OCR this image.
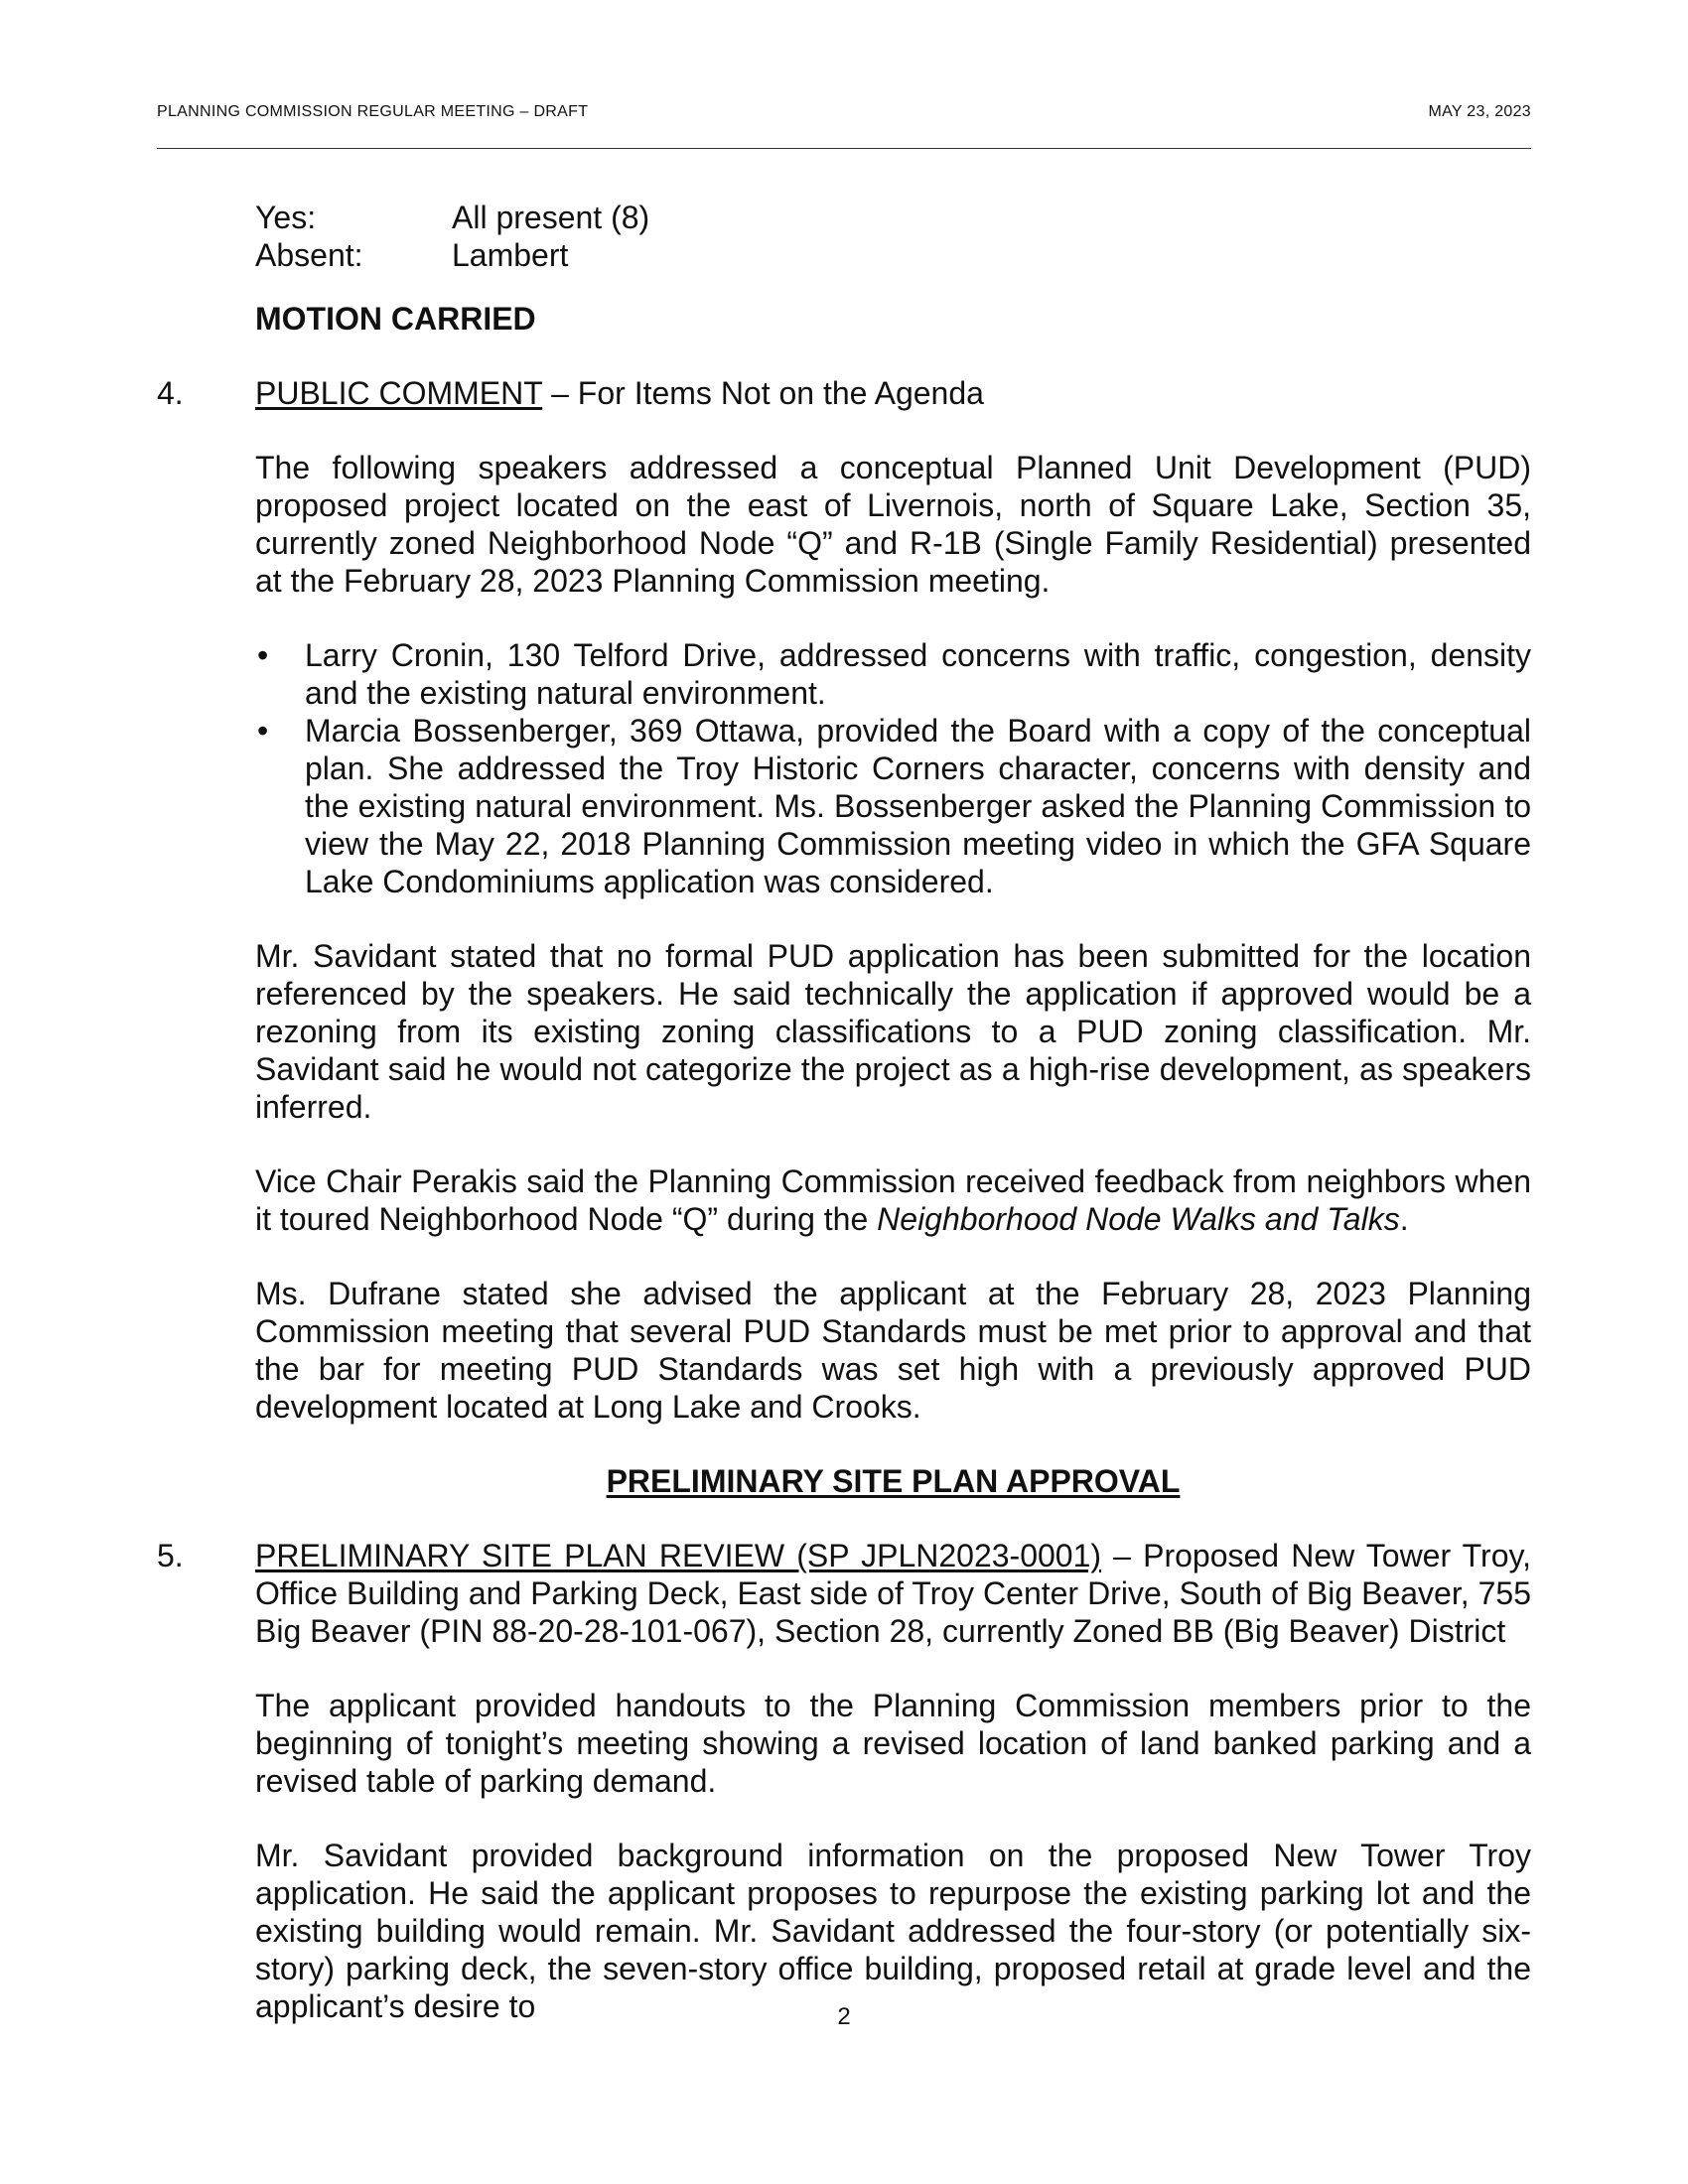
PLANNING COMMISSION REGULAR MEETING – DRAFT	MAY 23, 2023
Yes:	All present (8)
Absent:	Lambert
MOTION CARRIED
4. PUBLIC COMMENT – For Items Not on the Agenda

The following speakers addressed a conceptual Planned Unit Development (PUD) proposed project located on the east of Livernois, north of Square Lake, Section 35, currently zoned Neighborhood Node “Q” and R-1B (Single Family Residential) presented at the February 28, 2023 Planning Commission meeting.

• Larry Cronin, 130 Telford Drive, addressed concerns with traffic, congestion, density and the existing natural environment.
• Marcia Bossenberger, 369 Ottawa, provided the Board with a copy of the conceptual plan. She addressed the Troy Historic Corners character, concerns with density and the existing natural environment. Ms. Bossenberger asked the Planning Commission to view the May 22, 2018 Planning Commission meeting video in which the GFA Square Lake Condominiums application was considered.

Mr. Savidant stated that no formal PUD application has been submitted for the location referenced by the speakers. He said technically the application if approved would be a rezoning from its existing zoning classifications to a PUD zoning classification. Mr. Savidant said he would not categorize the project as a high-rise development, as speakers inferred.

Vice Chair Perakis said the Planning Commission received feedback from neighbors when it toured Neighborhood Node “Q” during the Neighborhood Node Walks and Talks.

Ms. Dufrane stated she advised the applicant at the February 28, 2023 Planning Commission meeting that several PUD Standards must be met prior to approval and that the bar for meeting PUD Standards was set high with a previously approved PUD development located at Long Lake and Crooks.

PRELIMINARY SITE PLAN APPROVAL
5. PRELIMINARY SITE PLAN REVIEW (SP JPLN2023-0001) – Proposed New Tower Troy, Office Building and Parking Deck, East side of Troy Center Drive, South of Big Beaver, 755 Big Beaver (PIN 88-20-28-101-067), Section 28, currently Zoned BB (Big Beaver) District

The applicant provided handouts to the Planning Commission members prior to the beginning of tonight’s meeting showing a revised location of land banked parking and a revised table of parking demand.

Mr. Savidant provided background information on the proposed New Tower Troy application. He said the applicant proposes to repurpose the existing parking lot and the existing building would remain. Mr. Savidant addressed the four-story (or potentially six-story) parking deck, the seven-story office building, proposed retail at grade level and the applicant’s desire to	2
